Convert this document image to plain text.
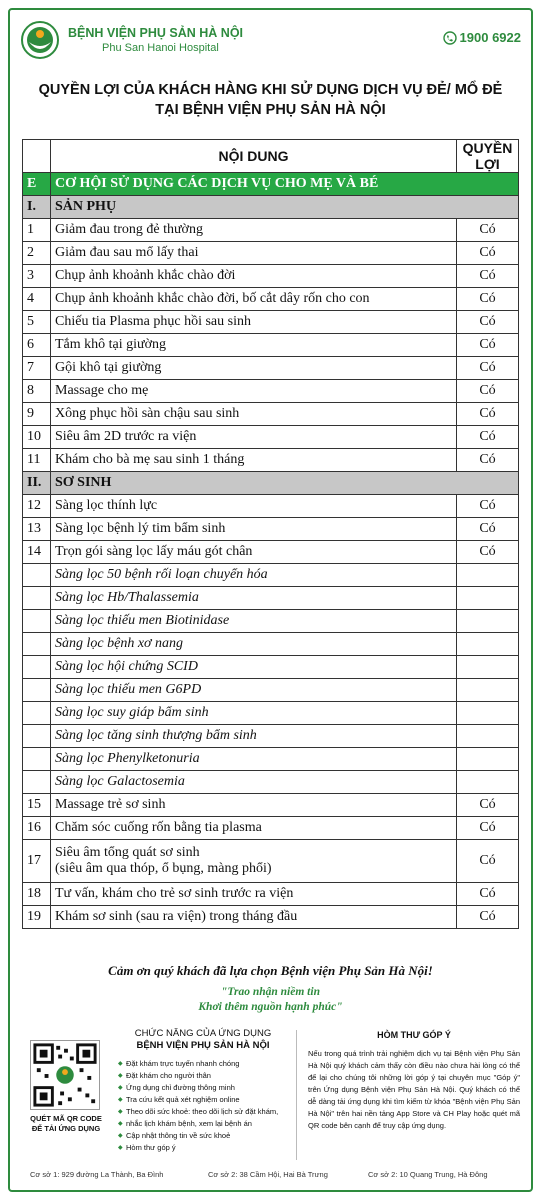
BỆNH VIỆN PHỤ SẢN HÀ NỘI
Phu San Hanoi Hospital
1900 6922
QUYỀN LỢI CỦA KHÁCH HÀNG KHI SỬ DỤNG DỊCH VỤ ĐẺ/ MỔ ĐẺ
TẠI BỆNH VIỆN PHỤ SẢN HÀ NỘI
	NỘI DUNG	QUYỀN
LỢI

E	CƠ HỘI SỬ DỤNG CÁC DỊCH VỤ CHO MẸ VÀ BÉ	
I.	SẢN PHỤ	
1	Giảm đau trong đẻ thường	Có
2	Giảm đau sau mổ lấy thai	Có
3	Chụp ảnh khoảnh khắc chào đời	Có
4	Chụp ảnh khoảnh khắc chào đời, bố cắt dây rốn cho con	Có
5	Chiếu tia Plasma phục hồi sau sinh	Có
6	Tắm khô tại giường	Có
7	Gội khô tại giường	Có
8	Massage cho mẹ	Có
9	Xông phục hồi sàn chậu sau sinh	Có
10	Siêu âm 2D trước ra viện	Có
11	Khám cho bà mẹ sau sinh 1 tháng	Có
II.	SƠ SINH	
12	Sàng lọc thính lực	Có
13	Sàng lọc bệnh lý tim bẩm sinh	Có
14	Trọn gói sàng lọc lấy máu gót chân	Có
	Sàng lọc 50 bệnh rối loạn chuyển hóa	
	Sàng lọc Hb/Thalassemia	
	Sàng lọc thiếu men Biotinidase	
	Sàng lọc bệnh xơ nang	
	Sàng lọc hội chứng SCID	
	Sàng lọc thiếu men G6PD	
	Sàng lọc suy giáp bẩm sinh	
	Sàng lọc tăng sinh thượng bẩm sinh	
	Sàng lọc Phenylketonuria	
	Sàng lọc Galactosemia	
15	Massage trẻ sơ sinh	Có
16	Chăm sóc cuống rốn bằng tia plasma	Có
17	Siêu âm tổng quát sơ sinh
(siêu âm qua thóp, ổ bụng, màng phổi)	Có
18	Tư vấn, khám cho trẻ sơ sinh trước ra viện	Có
19	Khám sơ sinh (sau ra viện) trong tháng đầu	Có
Cảm ơn quý khách đã lựa chọn Bệnh viện Phụ Sản Hà Nội!
"Trao nhận niềm tin
Khơi thêm nguồn hạnh phúc"
QUÉT MÃ QR CODE
ĐỂ TẢI ỨNG DỤNG
CHỨC NĂNG CỦA ỨNG DỤNG
BỆNH VIỆN PHỤ SẢN HÀ NỘI
◆ Đặt khám trực tuyến nhanh chóng
◆ Đặt khám cho người thân
◆ Ứng dụng chỉ đường thông minh
◆ Tra cứu kết quả xét nghiệm online
◆ Theo dõi sức khoẻ: theo dõi lịch sử đặt khám,
◆ nhắc lịch khám bệnh, xem lại bệnh án
◆ Cập nhật thông tin về sức khoẻ
◆ Hòm thư góp ý
HÒM THƯ GÓP Ý
Nếu trong quá trình trải nghiệm dịch vụ tại Bệnh viện Phụ Sản Hà Nội quý khách cảm thấy còn điều nào chưa hài lòng có thể để lại cho chúng tôi những lời góp ý tại chuyên mục "Góp ý" trên Ứng dụng Bệnh viện Phụ Sản Hà Nội. Quý khách có thể dễ dàng tải ứng dụng khi tìm kiếm từ khóa "Bệnh viện Phụ Sản Hà Nội" trên hai nền tảng App Store và CH Play hoặc quét mã QR code bên cạnh để truy cập ứng dụng.
Cơ sở 1: 929 đường La Thành, Ba Đình	Cơ sở 2: 38 Cầm Hội, Hai Bà Trưng	Cơ sở 2: 10 Quang Trung, Hà Đông
